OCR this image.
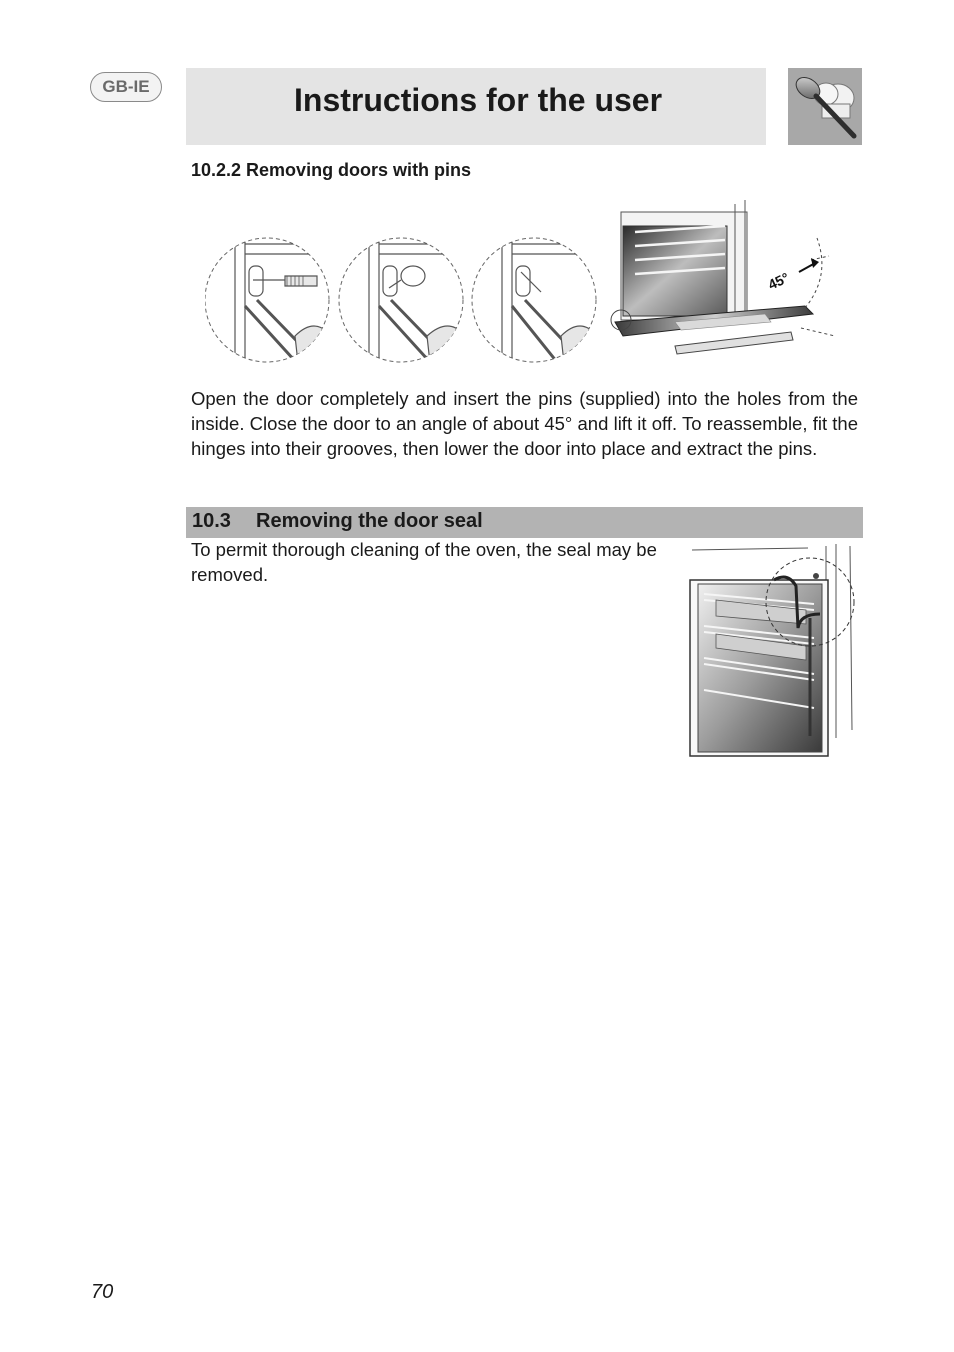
GB-IE	Instructions for the user
10.2.2 Removing doors with pins
45°

Open the door completely and insert the pins (supplied) into the holes from the inside. Close the door to an angle of about 45° and lift it off. To reassemble, fit the hinges into their grooves, then lower the door into place and extract the pins.

10.3 Removing the door seal

To permit thorough cleaning of the oven, the seal may be removed.

70
